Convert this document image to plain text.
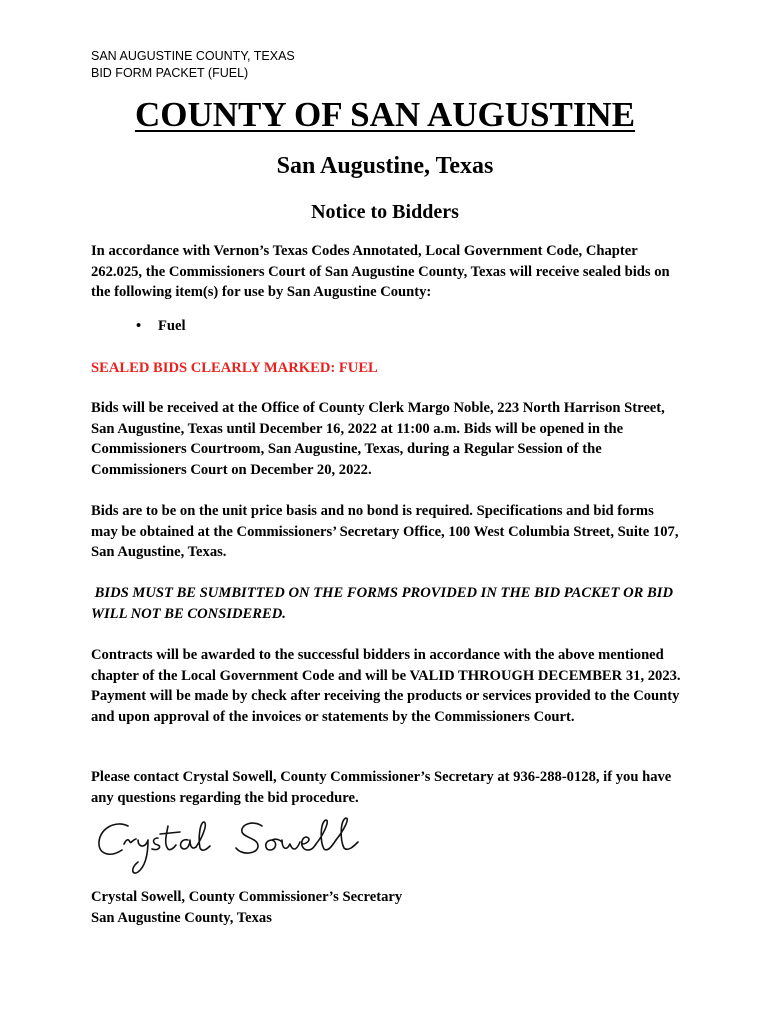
SAN AUGUSTINE COUNTY, TEXAS
BID FORM PACKET (FUEL)
COUNTY OF SAN AUGUSTINE
San Augustine, Texas
Notice to Bidders

In accordance with Vernon’s Texas Codes Annotated, Local Government Code, Chapter 262.025, the Commissioners Court of San Augustine County, Texas will receive sealed bids on the following item(s) for use by San Augustine County:

• Fuel

SEALED BIDS CLEARLY MARKED: FUEL

Bids will be received at the Office of County Clerk Margo Noble, 223 North Harrison Street, San Augustine, Texas until December 16, 2022 at 11:00 a.m. Bids will be opened in the Commissioners Courtroom, San Augustine, Texas, during a Regular Session of the Commissioners Court on December 20, 2022.

Bids are to be on the unit price basis and no bond is required. Specifications and bid forms may be obtained at the Commissioners’ Secretary Office, 100 West Columbia Street, Suite 107, San Augustine, Texas.

BIDS MUST BE SUMBITTED ON THE FORMS PROVIDED IN THE BID PACKET OR BID WILL NOT BE CONSIDERED.

Contracts will be awarded to the successful bidders in accordance with the above mentioned chapter of the Local Government Code and will be VALID THROUGH DECEMBER 31, 2023. Payment will be made by check after receiving the products or services provided to the County and upon approval of the invoices or statements by the Commissioners Court.

Please contact Crystal Sowell, County Commissioner’s Secretary at 936-288-0128, if you have any questions regarding the bid procedure.

Crystal Sowell, County Commissioner’s Secretary
San Augustine County, Texas
